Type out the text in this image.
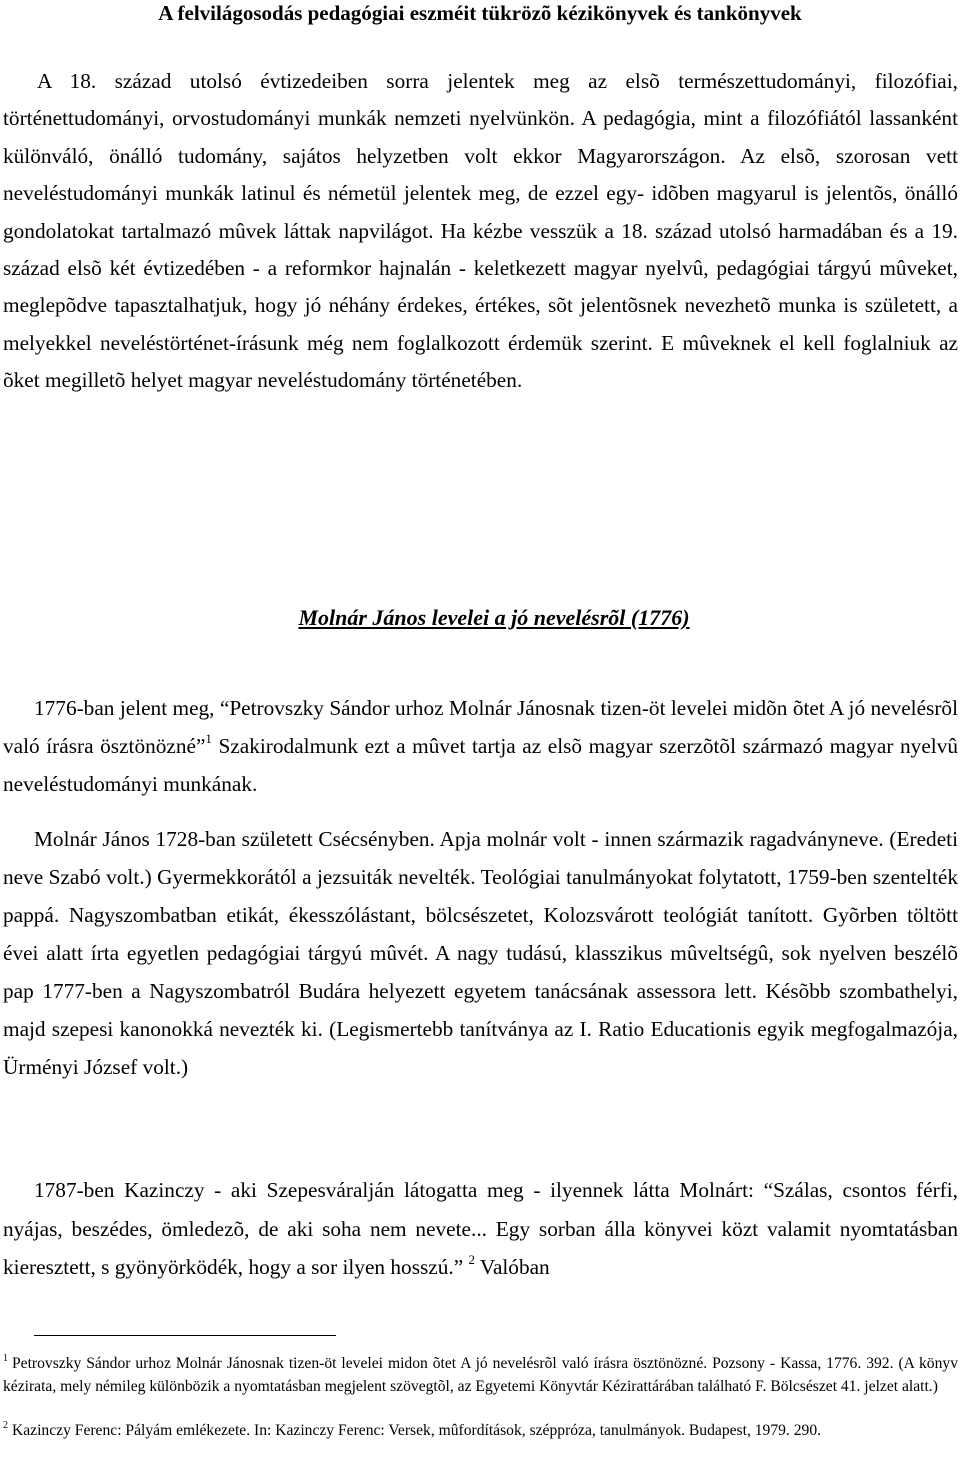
A felvilágosodás pedagógiai eszméit tükrözõ kézikönyvek és tankönyvek

A 18. század utolsó évtizedeiben sorra jelentek meg az elsõ természettudományi, filozófiai, történettudományi, orvostudományi munkák nemzeti nyelvünkön. A pedagógia, mint a filozófiától lassanként különváló, önálló tudomány, sajátos helyzetben volt ekkor Magyarországon. Az elsõ, szorosan vett neveléstudományi munkák latinul és németül jelentek meg, de ezzel egy- idõben magyarul is jelentõs, önálló gondolatokat tartalmazó mûvek láttak napvilágot. Ha kézbe vesszük a 18. század utolsó harmadában és a 19. század elsõ két évtizedében - a reformkor hajnalán - keletkezett magyar nyelvû, pedagógiai tárgyú mûveket, meglepõdve tapasztalhatjuk, hogy jó néhány érdekes, értékes, sõt jelentõsnek nevezhetõ munka is született, a melyekkel neveléstörténet-írásunk még nem foglalkozott érdemük szerint. E mûveknek el kell foglalniuk az õket megilletõ helyet magyar neveléstudomány történetében.

Molnár János levelei a jó nevelésrõl (1776)

1776-ban jelent meg, “Petrovszky Sándor urhoz Molnár Jánosnak tizen-öt levelei midõn õtet A jó nevelésrõl való írásra ösztönözné”$^1$ Szakirodalmunk ezt a mûvet tartja az elsõ magyar szerzõtõl származó magyar nyelvû neveléstudományi munkának.

Molnár János 1728-ban született Csécsényben. Apja molnár volt - innen származik ragadványneve. (Eredeti neve Szabó volt.) Gyermekkorától a jezsuiták nevelték. Teológiai tanulmányokat folytatott, 1759-ben szentelték pappá. Nagyszombatban etikát, ékesszólástant, bölcsészetet, Kolozsvárott teológiát tanított. Gyõrben töltött évei alatt írta egyetlen pedagógiai tárgyú mûvét. A nagy tudású, klasszikus mûveltségû, sok nyelven beszélõ pap 1777-ben a Nagyszombatról Budára helyezett egyetem tanácsának assessora lett. Késõbb szombathelyi, majd szepesi kanonokká nevezték ki. (Legismertebb tanítványa az I. Ratio Educationis egyik megfogalmazója, Ürményi József volt.)

1787-ben Kazinczy - aki Szepesváralján látogatta meg - ilyennek látta Molnárt: “Szálas, csontos férfi, nyájas, beszédes, ömledezõ, de aki soha nem nevete... Egy sorban álla könyvei közt valamit nyomtatásban kieresztett, s gyönyörködék, hogy a sor ilyen hosszú.” $^2$ Valóban

$^1$ Petrovszky Sándor urhoz Molnár Jánosnak tizen-öt levelei midon õtet A jó nevelésrõl való írásra ösztönözné. Pozsony - Kassa, 1776. 392. (A könyv kézirata, mely némileg különbözik a nyomtatásban megjelent szövegtõl, az Egyetemi Könyvtár Kézirattárában található F. Bölcsészet 41. jelzet alatt.)

$^2$ Kazinczy Ferenc: Pályám emlékezete. In: Kazinczy Ferenc: Versek, mûfordítások, széppróza, tanulmányok. Budapest, 1979. 290.
